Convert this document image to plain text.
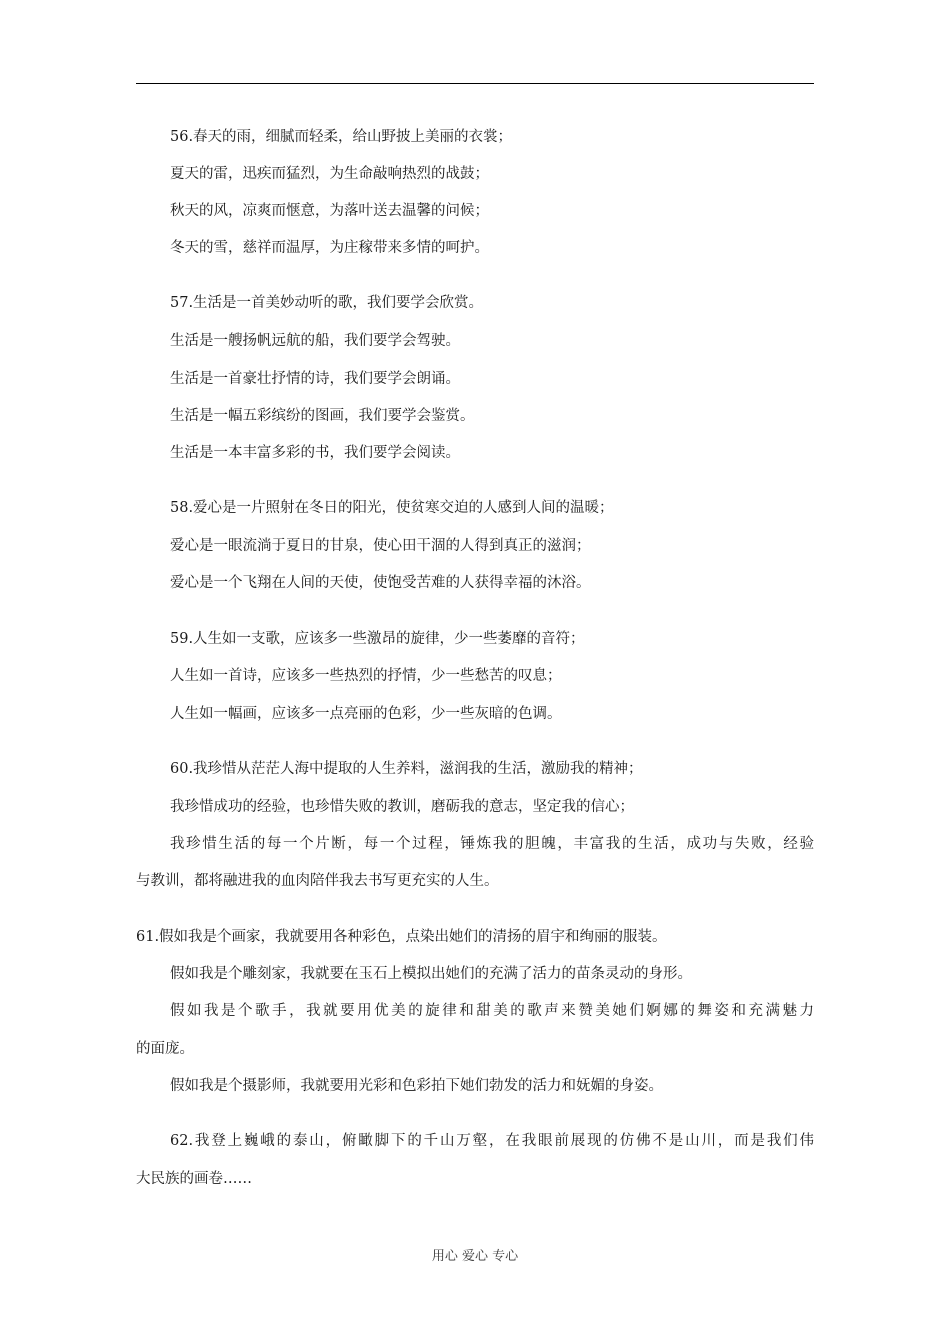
56.春天的雨，细腻而轻柔，给山野披上美丽的衣裳；
夏天的雷，迅疾而猛烈，为生命敲响热烈的战鼓；
秋天的风，凉爽而惬意，为落叶送去温馨的问候；
冬天的雪，慈祥而温厚，为庄稼带来多情的呵护。
57.生活是一首美妙动听的歌，我们要学会欣赏。
生活是一艘扬帆远航的船，我们要学会驾驶。
生活是一首豪壮抒情的诗，我们要学会朗诵。
生活是一幅五彩缤纷的图画，我们要学会鉴赏。
生活是一本丰富多彩的书，我们要学会阅读。
58.爱心是一片照射在冬日的阳光，使贫寒交迫的人感到人间的温暖；
爱心是一眼流淌于夏日的甘泉，使心田干涸的人得到真正的滋润；
爱心是一个飞翔在人间的天使，使饱受苦难的人获得幸福的沐浴。
59.人生如一支歌，应该多一些激昂的旋律，少一些萎靡的音符；
人生如一首诗，应该多一些热烈的抒情，少一些愁苦的叹息；
人生如一幅画，应该多一点亮丽的色彩，少一些灰暗的色调。
60.我珍惜从茫茫人海中提取的人生养料，滋润我的生活，激励我的精神；
我珍惜成功的经验，也珍惜失败的教训，磨砺我的意志，坚定我的信心；
我珍惜生活的每一个片断，每一个过程，锤炼我的胆魄，丰富我的生活，成功与失败，经验
与教训，都将融进我的血肉陪伴我去书写更充实的人生。
61.假如我是个画家，我就要用各种彩色，点染出她们的清扬的眉宇和绚丽的服装。
假如我是个雕刻家，我就要在玉石上模拟出她们的充满了活力的苗条灵动的身形。
假如我是个歌手，我就要用优美的旋律和甜美的歌声来赞美她们婀娜的舞姿和充满魅力
的面庞。
假如我是个摄影师，我就要用光彩和色彩拍下她们勃发的活力和妩媚的身姿。
62.我登上巍峨的泰山，俯瞰脚下的千山万壑，在我眼前展现的仿佛不是山川，而是我们伟
大民族的画卷……
用心 爱心 专心
